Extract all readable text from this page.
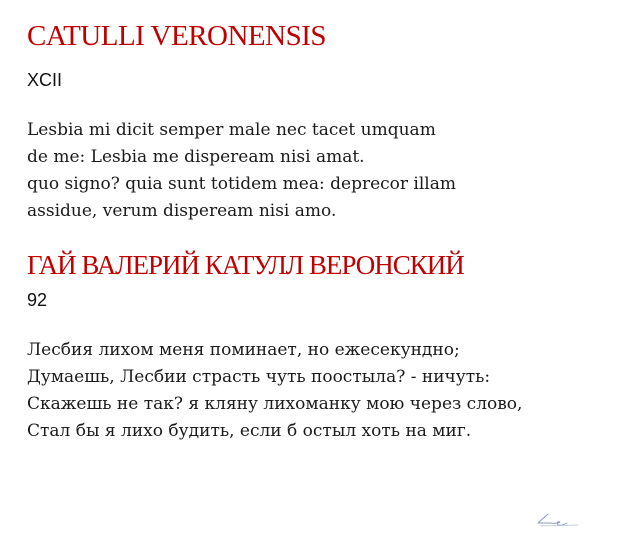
CATULLI VERONENSIS
XCII
Lesbia mi dicit semper male nec tacet umquam
de me: Lesbia me dispeream nisi amat.
quo signo? quia sunt totidem mea: deprecor illam
assidue, verum dispeream nisi amo.
ГАЙ ВАЛЕРИЙ КАТУЛЛ ВЕРОНСКИЙ
92
Лесбия лихом меня поминает, но ежесекундно;
Думаешь, Лесбии страсть чуть поостыла? - ничуть:
Скажешь не так? я кляну лихоманку мою через слово,
Стал бы я лихо будить, если б остыл хоть на миг.
